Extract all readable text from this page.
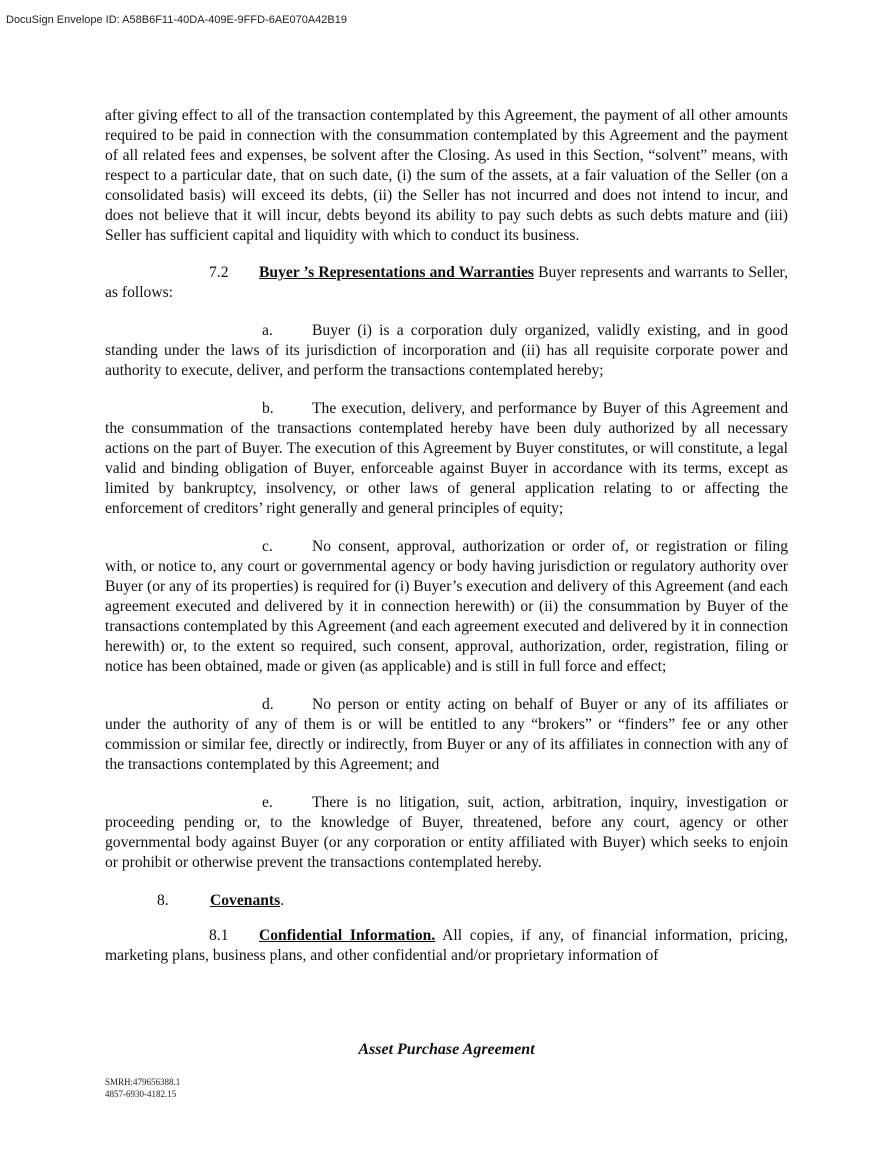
DocuSign Envelope ID: A58B6F11-40DA-409E-9FFD-6AE070A42B19

after giving effect to all of the transaction contemplated by this Agreement, the payment of all other amounts required to be paid in connection with the consummation contemplated by this Agreement and the payment of all related fees and expenses, be solvent after the Closing. As used in this Section, “solvent” means, with respect to a particular date, that on such date, (i) the sum of the assets, at a fair valuation of the Seller (on a consolidated basis) will exceed its debts, (ii) the Seller has not incurred and does not intend to incur, and does not believe that it will incur, debts beyond its ability to pay such debts as such debts mature and (iii) Seller has sufficient capital and liquidity with which to conduct its business.

7.2 Buyer ’s Representations and Warranties Buyer represents and warrants to Seller, as follows:

a.	Buyer (i) is a corporation duly organized, validly existing, and in good standing under the laws of its jurisdiction of incorporation and (ii) has all requisite corporate power and authority to execute, deliver, and perform the transactions contemplated hereby;

b. The execution, delivery, and performance by Buyer of this Agreement and the consummation of the transactions contemplated hereby have been duly authorized by all necessary actions on the part of Buyer. The execution of this Agreement by Buyer constitutes, or will constitute, a legal valid and binding obligation of Buyer, enforceable against Buyer in accordance with its terms, except as limited by bankruptcy, insolvency, or other laws of general application relating to or affecting the enforcement of creditors’ right generally and general principles of equity;

c.	No consent, approval, authorization or order of, or registration or filing with, or notice to, any court or governmental agency or body having jurisdiction or regulatory authority over Buyer (or any of its properties) is required for (i) Buyer’s execution and delivery of this Agreement (and each agreement executed and delivered by it in connection herewith) or (ii) the consummation by Buyer of the transactions contemplated by this Agreement (and each agreement executed and delivered by it in connection herewith) or, to the extent so required, such consent, approval, authorization, order, registration, filing or notice has been obtained, made or given (as applicable) and is still in full force and effect;

d. No person or entity acting on behalf of Buyer or any of its affiliates or under the authority of any of them is or will be entitled to any “brokers” or “finders” fee or any other commission or similar fee, directly or indirectly, from Buyer or any of its affiliates in connection with any of the transactions contemplated by this Agreement; and

e.	There is no litigation, suit, action, arbitration, inquiry, investigation or proceeding pending or, to the knowledge of Buyer, threatened, before any court, agency or other governmental body against Buyer (or any corporation or entity affiliated with Buyer) which seeks to enjoin or prohibit or otherwise prevent the transactions contemplated hereby.

8.	Covenants.

8.1 Confidential Information. All copies, if any, of financial information, pricing, marketing plans, business plans, and other confidential and/or proprietary information of

Asset Purchase Agreement
SMRH:479656388.1
4857-6930-4182.15
